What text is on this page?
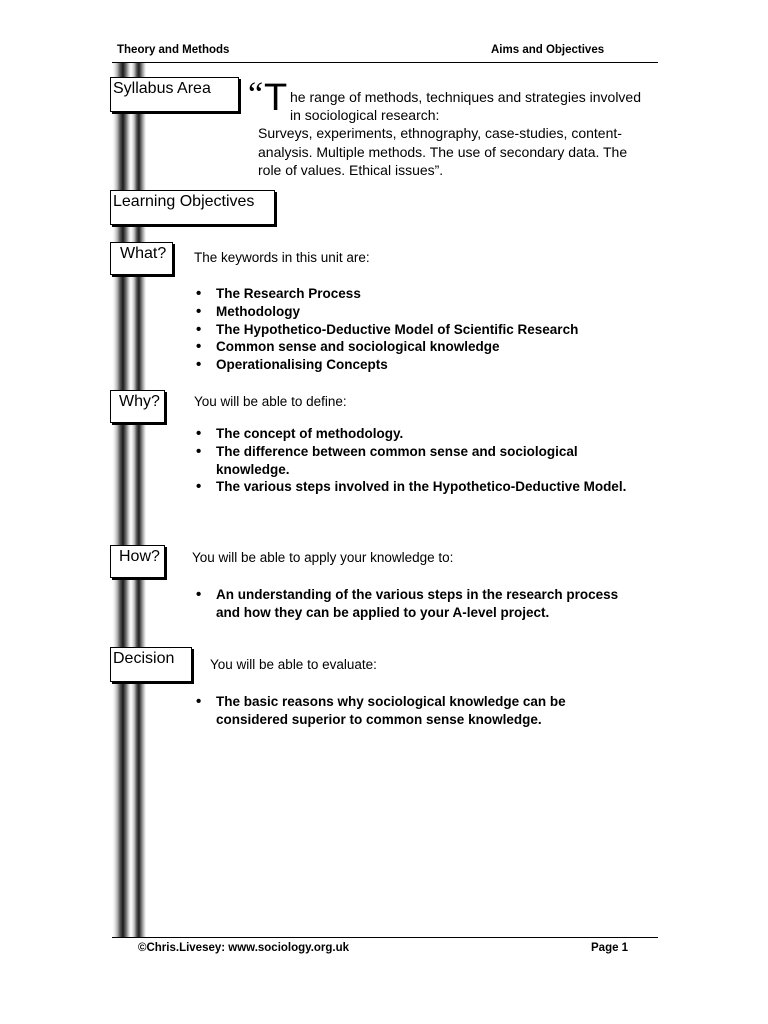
Theory and Methods	Aims and Objectives
Syllabus Area	“ T he range of methods, techniques and strategies involved
in sociological research:
Surveys, experiments, ethnography, case-studies, content-
analysis. Multiple methods. The use of secondary data. The
role of values. Ethical issues”.
Learning Objectives
What?	The keywords in this unit are:
• The Research Process
• Methodology
• The Hypothetico-Deductive Model of Scientific Research
• Common sense and sociological knowledge
• Operationalising Concepts
Why?	You will be able to define:
• The concept of methodology.
• The difference between common sense and sociological knowledge.
• The various steps involved in the Hypothetico-Deductive Model.
How?	You will be able to apply your knowledge to:
• An understanding of the various steps in the research process and how they can be applied to your A-level project.
Decision	You will be able to evaluate:
• The basic reasons why sociological knowledge can be considered superior to common sense knowledge.
©Chris.Livesey: www.sociology.org.uk	Page 1
